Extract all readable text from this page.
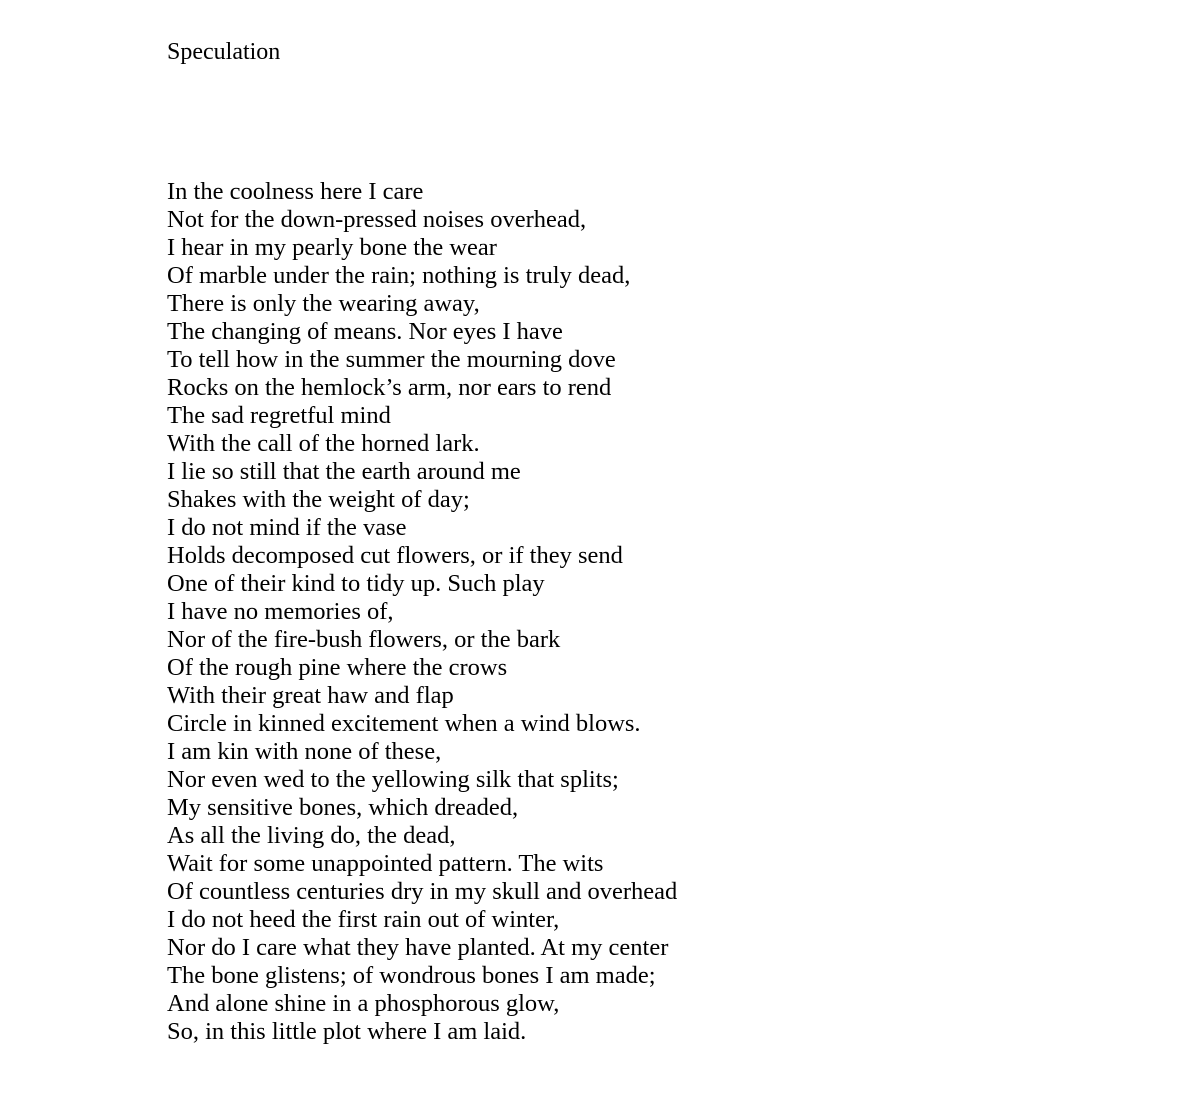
Speculation
In the coolness here I care
Not for the down-pressed noises overhead,
I hear in my pearly bone the wear
Of marble under the rain; nothing is truly dead,
There is only the wearing away,
The changing of means. Nor eyes I have
To tell how in the summer the mourning dove
Rocks on the hemlock’s arm, nor ears to rend
The sad regretful mind
With the call of the horned lark.
I lie so still that the earth around me
Shakes with the weight of day;
I do not mind if the vase
Holds decomposed cut flowers, or if they send
One of their kind to tidy up. Such play
I have no memories of,
Nor of the fire-bush flowers, or the bark
Of the rough pine where the crows
With their great haw and flap
Circle in kinned excitement when a wind blows.
I am kin with none of these,
Nor even wed to the yellowing silk that splits;
My sensitive bones, which dreaded,
As all the living do, the dead,
Wait for some unappointed pattern. The wits
Of countless centuries dry in my skull and overhead
I do not heed the first rain out of winter,
Nor do I care what they have planted. At my center
The bone glistens; of wondrous bones I am made;
And alone shine in a phosphorous glow,
So, in this little plot where I am laid.
